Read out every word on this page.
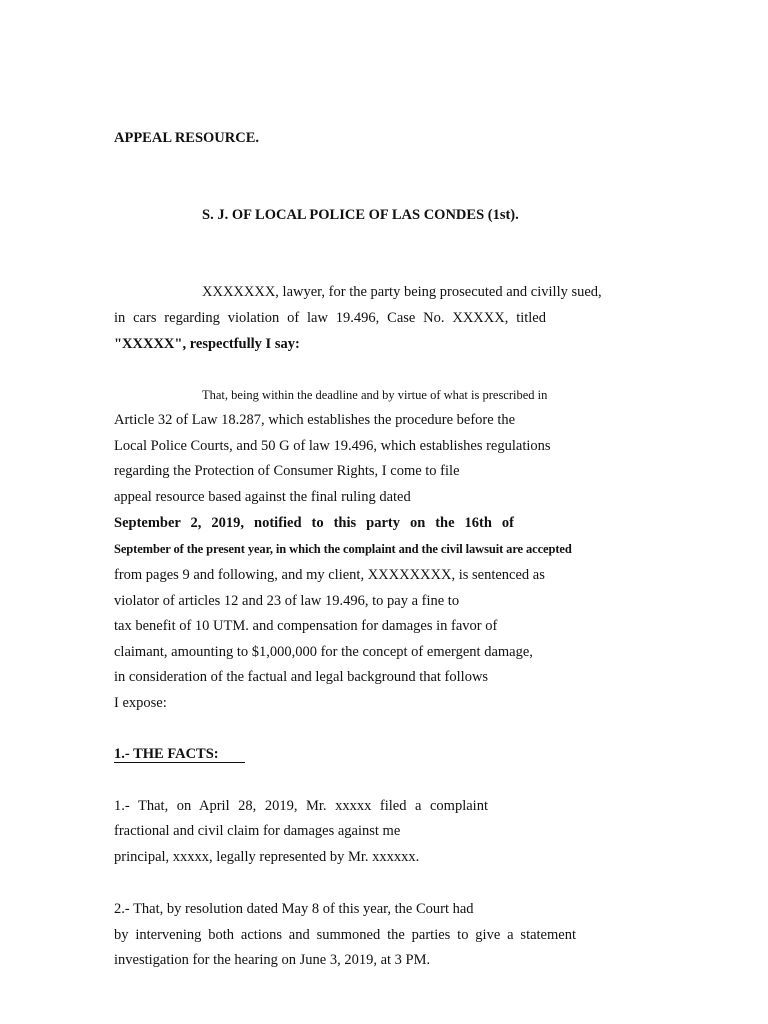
APPEAL RESOURCE.
S. J. OF LOCAL POLICE OF LAS CONDES (1st).
XXXXXXX, lawyer, for the party being prosecuted and civilly sued,
in cars regarding violation of law 19.496, Case No. XXXXX, titled
"XXXXX", respectfully I say:
That, being within the deadline and by virtue of what is prescribed in
Article 32 of Law 18.287, which establishes the procedure before the
Local Police Courts, and 50 G of law 19.496, which establishes regulations
regarding the Protection of Consumer Rights, I come to file
appeal resource based against the final ruling dated
September 2, 2019, notified to this party on the 16th of
September of the present year, in which the complaint and the civil lawsuit are accepted
from pages 9 and following, and my client, XXXXXXXX, is sentenced as
violator of articles 12 and 23 of law 19.496, to pay a fine to
tax benefit of 10 UTM. and compensation for damages in favor of
claimant, amounting to $1,000,000 for the concept of emergent damage,
in consideration of the factual and legal background that follows
I expose:
1.- THE FACTS:
1.- That, on April 28, 2019, Mr. xxxxx filed a complaint
fractional and civil claim for damages against me
principal, xxxxx, legally represented by Mr. xxxxxx.
2.- That, by resolution dated May 8 of this year, the Court had
by intervening both actions and summoned the parties to give a statement
investigation for the hearing on June 3, 2019, at 3 PM.
